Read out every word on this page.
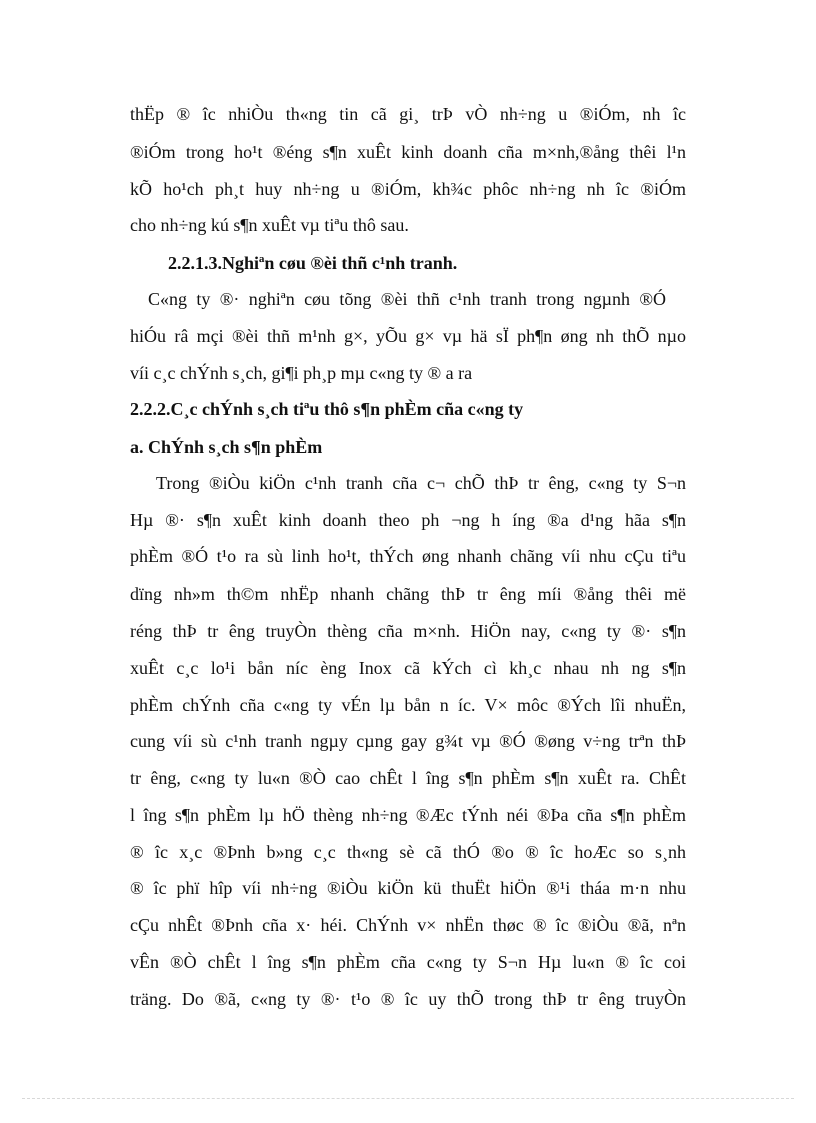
thËp ® îc nhiÒu th«ng tin cã gi¸ trÞ vÒ nh÷ng u ®iÓm, nh îc
®iÓm trong ho¹t ®éng s¶n xuÊt kinh doanh cña m×nh,®ång thêi l¹n
kÕ ho¹ch ph¸t huy nh÷ng u ®iÓm, kh¾c phôc nh÷ng nh îc ®iÓm
cho nh÷ng kú s¶n xuÊt vµ tiªu thô sau.
2.2.1.3.Nghiªn cøu ®èi thñ c¹nh tranh.
C«ng ty ®· nghiªn cøu tõng ®èi thñ c¹nh tranh trong ngµnh ®Ó
hiÓu râ mçi ®èi thñ m¹nh g×, yÕu g× vµ hä sÏ ph¶n øng nh thÕ nµo
víi c¸c chÝnh s¸ch, gi¶i ph¸p mµ c«ng ty ® a ra
2.2.2.C¸c chÝnh s¸ch tiªu thô s¶n phÈm cña c«ng ty
a. ChÝnh s¸ch s¶n phÈm
Trong ®iÒu kiÖn c¹nh tranh cña c¬ chÕ thÞ tr êng, c«ng ty S¬n
Hµ ®· s¶n xuÊt kinh doanh theo ph ¬ng h íng ®a d¹ng hãa s¶n
phÈm ®Ó t¹o ra sù linh ho¹t, thÝch øng nhanh chãng víi nhu cÇu tiªu
dïng nh»m th©m nhËp nhanh chãng thÞ tr êng míi ®ång thêi më
réng thÞ tr êng truyÒn thèng cña m×nh. HiÖn nay, c«ng ty ®· s¶n
xuÊt c¸c lo¹i bån níc èng Inox cã kÝch cì kh¸c nhau nh ng s¶n
phÈm chÝnh cña c«ng ty vÉn lµ bån n íc. V× môc ®Ých lîi nhuËn,
cung víi sù c¹nh tranh ngµy cµng gay g¾t vµ ®Ó ®øng v÷ng trªn thÞ
tr êng, c«ng ty lu«n ®Ò cao chÊt l îng s¶n phÈm s¶n xuÊt ra. ChÊt
l îng s¶n phÈm lµ hÖ thèng nh÷ng ®Æc tÝnh néi ®Þa cña s¶n phÈm
® îc x¸c ®Þnh b»ng c¸c th«ng sè cã thÓ ®o ® îc hoÆc so s¸nh
® îc phï hîp víi nh÷ng ®iÒu kiÖn kü thuËt hiÖn ®¹i tháa m·n nhu
cÇu nhÊt ®Þnh cña x· héi. ChÝnh v× nhËn thøc ® îc ®iÒu ®ã, nªn
vÊn ®Ò chÊt l îng s¶n phÈm cña c«ng ty S¬n Hµ lu«n ® îc coi
träng. Do ®ã, c«ng ty ®· t¹o ® îc uy thÕ trong thÞ tr êng truyÒn
